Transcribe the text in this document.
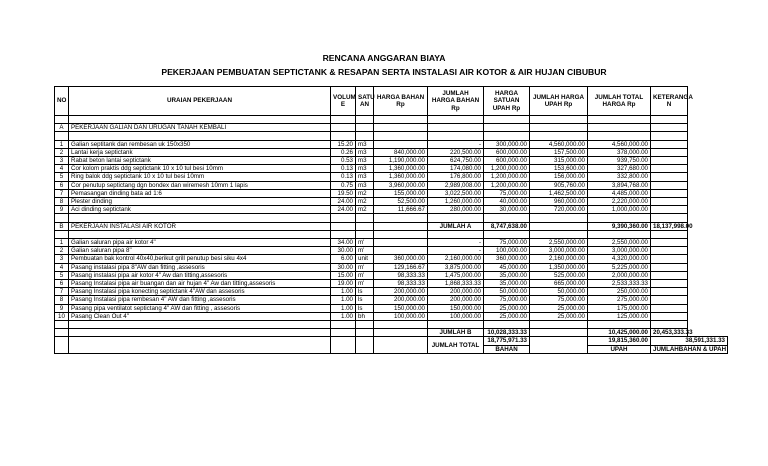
RENCANA ANGGARAN BIAYA
PEKERJAAN PEMBUATAN SEPTICTANK & RESAPAN SERTA INSTALASI AIR KOTOR & AIR HUJAN CIBUBUR
NO	URAIAN PEKERJAAN	VOLUM E	SATU AN	HARGA BAHAN Rp	JUMLAH HARGA BAHAN Rp	HARGA SATUAN UPAH Rp	JUMLAH HARGA UPAH Rp	JUMLAH TOTAL HARGA Rp	KETERANGA N

A	PEKERJAAN GALIAN DAN URUGAN TANAH KEMBALI								

1	Galian septitank dan rembesan uk 150x350	15.20	m3		-	300,000.00	4,560,000.00	4,560,000.00	
2	Lantai kerja septictank	0.26	m3	840,000.00	220,500.00	600,000.00	157,500.00	378,000.00	
3	Rabat beton lantai septictank	0.53	m3	1,190,000.00	624,750.00	600,000.00	315,000.00	939,750.00	
4	Cor kolom praktis ddg septictank 10 x 10 tul besi 10mm	0.13	m3	1,360,000.00	174,080.00	1,200,000.00	153,600.00	327,680.00	
5	Ring balok ddg septictank 10 x 10 tul besi 10mm	0.13	m3	1,360,000.00	176,800.00	1,200,000.00	156,000.00	332,800.00	
6	Cor penutup septictang dgn bondex dan wiremesh 10mm 1 lapis	0.75	m3	3,960,000.00	2,989,008.00	1,200,000.00	905,760.00	3,894,768.00	
7	Pemasangan dinding bata ad 1:6	19.50	m2	155,000.00	3,022,500.00	75,000.00	1,462,500.00	4,485,000.00	
8	Plester dinding	24.00	m2	52,500.00	1,260,000.00	40,000.00	960,000.00	2,220,000.00	
9	Aci dinding septictank	24.00	m2	11,666.67	280,000.00	30,000.00	720,000.00	1,000,000.00	

B	PEKERJAAN INSTALASI AIR KOTOR				JUMLAH A	8,747,638.00		9,390,360.00	18,137,998.00

1	Galian saluran pipa air kotor 4"	34.00	m'		-	75,000.00	2,550,000.00	2,550,000.00	
2	Galian saluran pipa 8"	30.00	m'		-	100,000.00	3,000,000.00	3,000,000.00	
3	Pembuatan bak kontrol 40x40,berikut grill penutup besi siku 4x4	6.00	unit	360,000.00	2,160,000.00	360,000.00	2,160,000.00	4,320,000.00	
4	Pasang instalasi pipa 8"AW dan fitting ,assesoris	30.00	m'	129,166.67	3,875,000.00	45,000.00	1,350,000.00	5,225,000.00	
5	Pasang instalasi pipa air kotor 4" Aw dan titting,assesoris	15.00	m'	98,333.33	1,475,000.00	35,000.00	525,000.00	2,000,000.00	
6	Pasang Instalasi pipa air buangan dan air hujan 4" Aw dan titting,assesoris	19.00	m'	98,333.33	1,868,333.33	35,000.00	665,000.00	2,533,333.33	
7	Pasang Instalasi pipa konecting septictank 4"AW dan assesoris	1.00	ls	200,000.00	200,000.00	50,000.00	50,000.00	250,000.00	
8	Pasang Instalasi pipa rembesan 4" AW dan fitting ,assesoris	1.00	ls	200,000.00	200,000.00	75,000.00	75,000.00	275,000.00	
9	Pasang pipa ventilatot septictang 4" AW dan fitting , assesoris	1.00	ls	150,000.00	150,000.00	25,000.00	25,000.00	175,000.00	
10	Pasang Clean Out 4"	1.00	bh	100,000.00	100,000.00	25,000.00	25,000.00	125,000.00	

					JUMLAH B	10,028,333.33		10,425,000.00	20,453,333.33
					JUMLAH TOTAL	18,775,971.33		19,815,360.00	38,591,331.33
						BAHAN		UPAH	JUMLAHBAHAN & UPAH
